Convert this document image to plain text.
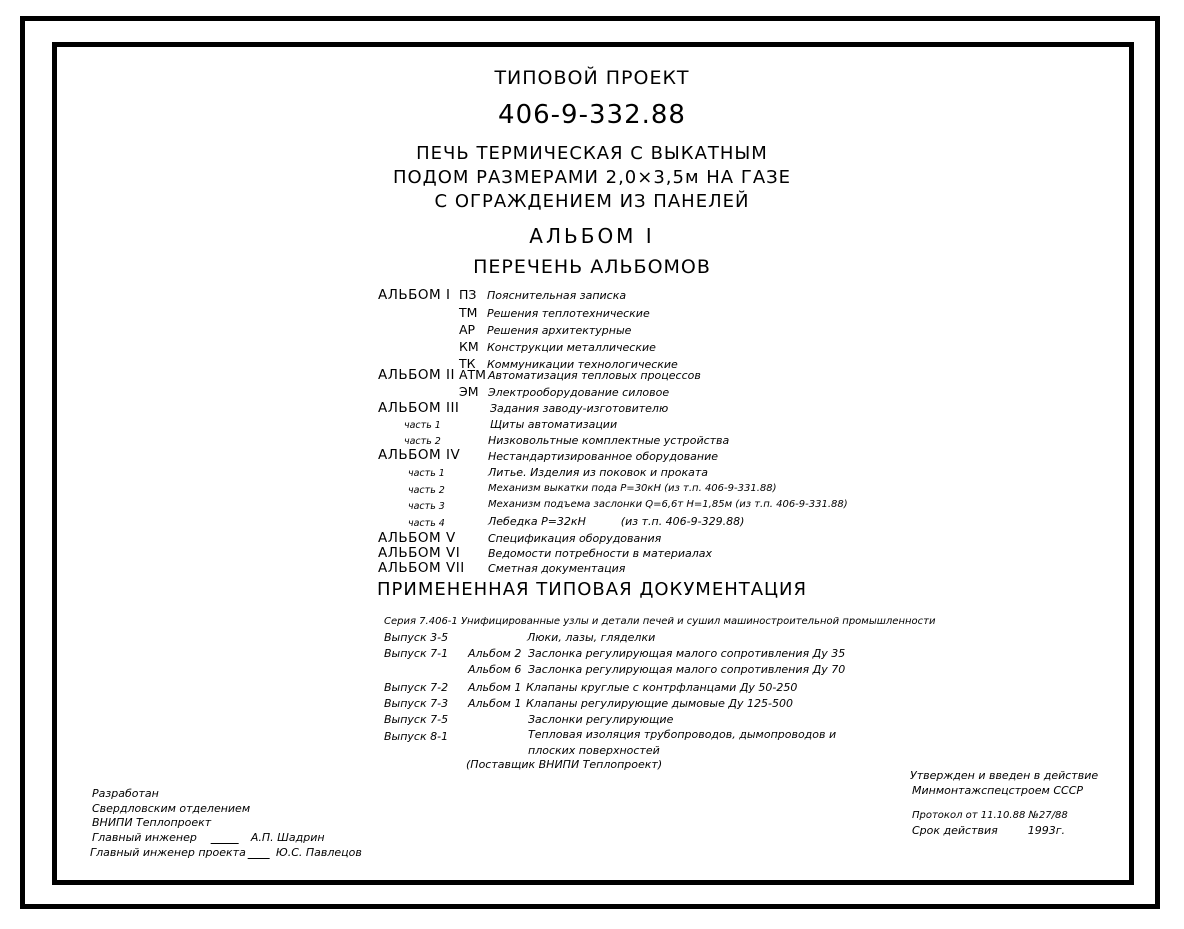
ТИПОВОЙ ПРОЕКТ
406-9-332.88
ПЕЧЬ ТЕРМИЧЕСКАЯ С ВЫКАТНЫМ
ПОДОМ РАЗМЕРАМИ 2,0×3,5м НА ГАЗЕ
С ОГРАЖДЕНИЕМ ИЗ ПАНЕЛЕЙ
АЛЬБОМ I
ПЕРЕЧЕНЬ АЛЬБОМОВ
АЛЬБОМ I ПЗ Пояснительная записка
ТМ Решения теплотехнические
АР Решения архитектурные
КМ Конструкции металлические
ТК Коммуникации технологические
АЛЬБОМ II АТМ Автоматизация тепловых процессов
ЭМ Электрооборудование силовое
АЛЬБОМ III	Задания заводу-изготовителю
часть 1	Щиты автоматизации
часть 2	Низковольтные комплектные устройства
АЛЬБОМ IV	Нестандартизированное оборудование
часть 1	Литье. Изделия из поковок и проката
часть 2	Механизм выкатки пода Р=30кН (из т.п. 406-9-331.88)
часть 3	Механизм подъема заслонки Q=6,6т Н=1,85м (из т.п. 406-9-331.88)
часть 4	Лебедка Р=32кН          (из т.п. 406-9-329.88)
АЛЬБОМ V	Спецификация оборудования
АЛЬБОМ VI	Ведомости потребности в материалах
АЛЬБОМ VII Сметная документация
ПРИМЕНЕННАЯ ТИПОВАЯ ДОКУМЕНТАЦИЯ
Серия 7.406-1 Унифицированные узлы и детали печей и сушил машиностроительной промышленности
Выпуск 3-5	Люки, лазы, гляделки
Выпуск 7-1 Альбом 2 Заслонка регулирующая малого сопротивления Ду 35
Альбом 6 Заслонка регулирующая малого сопротивления Ду 70
Выпуск 7-2 Альбом 1 Клапаны круглые с контрфланцами Ду 50-250
Выпуск 7-3 Альбом 1 Клапаны регулирующие дымовые Ду 125-500
Выпуск 7-5	Заслонки регулирующие
Выпуск 8-1	Тепловая изоляция трубопроводов, дымопроводов и
плоских поверхностей
(Поставщик ВНИПИ Теплопроект)
Разработан
Свердловским отделением
ВНИПИ Теплопроект
Главный инженер	А.П. Шадрин
Главный инженер проекта	Ю.С. Павлецов
Утвержден и введен в действие
Минмонтажспецстроем СССР
Протокол от 11.10.88 №27/88
Срок действия	1993г.
